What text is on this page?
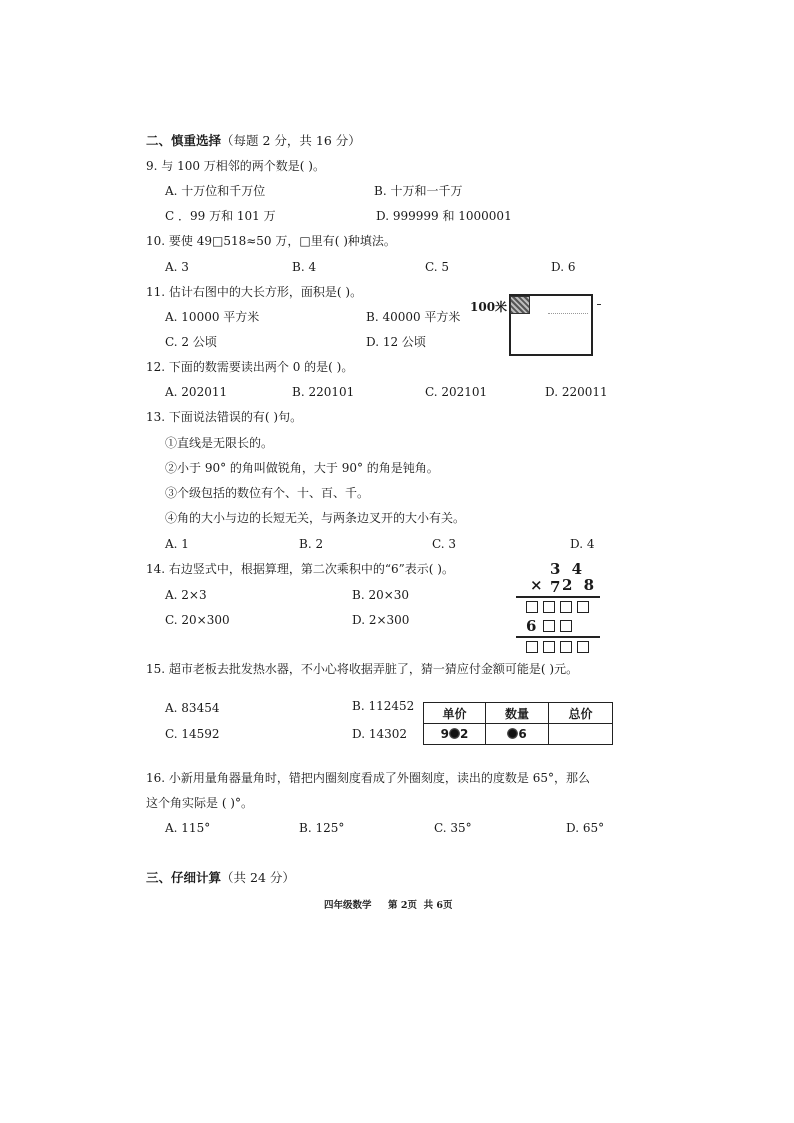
二、慎重选择（每题 2 分，共 16 分）
9. 与 100 万相邻的两个数是( )。
A. 十万位和千万位	B. 十万和一千万
C ．99 万和 101 万	D. 999999 和 1000001
10. 要使 49□518≈50 万，□里有( )种填法。
A. 3	B. 4	C. 5	D. 6
11. 估计右图中的大长方形，面积是( )。
A. 10000 平方米	B. 40000 平方米
C. 2 公顷	D. 12 公顷
100米
12. 下面的数需要读出两个 0 的是( )。
A. 202011	B. 220101	C. 202101	D. 220011
13. 下面说法错误的有( )句。
①直线是无限长的。
②小于 90° 的角叫做锐角，大于 90° 的角是钝角。
③个级包括的数位有个、十、百、千。
④角的大小与边的长短无关，与两条边叉开的大小有关。
A. 1	B. 2	C. 3	D. 4
14. 右边竖式中，根据算理，第二次乘积中的“6”表示( )。
A. 2×3	B. 20×30
C. 20×300	D. 2×300
3 4 7
× 2 8
6
15. 超市老板去批发热水器，不小心将收据弄脏了，猜一猜应付金额可能是( )元。
A. 83454	B. 112452
C. 14592	D. 14302
单价	数量	总价
9 2	6	
16. 小新用量角器量角时，错把内圈刻度看成了外圈刻度，读出的度数是 65°，那么
这个角实际是 ( )°。
A. 115°	B. 125°	C. 35°	D. 65°
三、仔细计算（共 24 分）
四年级数学     第 2页  共 6页
